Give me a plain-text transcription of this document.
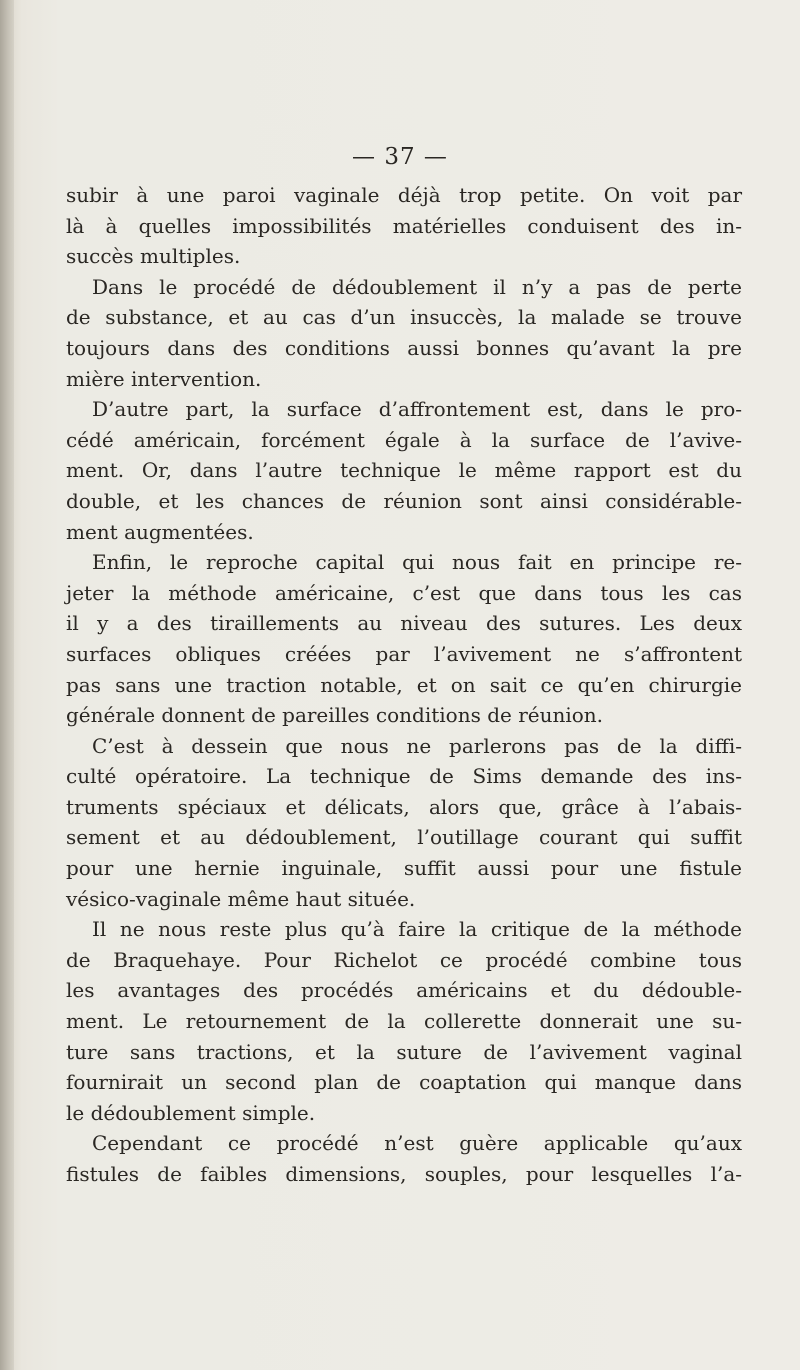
— 37 —
subir à une paroi vaginale déjà trop petite. On voit par
là à quelles impossibilités matérielles conduisent des in-
succès multiples.
Dans le procédé de dédoublement il n’y a pas de perte
de substance, et au cas d’un insuccès, la malade se trouve
toujours dans des conditions aussi bonnes qu’avant la pre
mière intervention.
D’autre part, la surface d’affrontement est, dans le pro-
cédé américain, forcément égale à la surface de l’avive-
ment. Or, dans l’autre technique le même rapport est du
double, et les chances de réunion sont ainsi considérable-
ment augmentées.
Enfin, le reproche capital qui nous fait en principe re-
jeter la méthode américaine, c’est que dans tous les cas
il y a des tiraillements au niveau des sutures. Les deux
surfaces obliques créées par l’avivement ne s’affrontent
pas sans une traction notable, et on sait ce qu’en chirurgie
générale donnent de pareilles conditions de réunion.
C’est à dessein que nous ne parlerons pas de la diffi-
culté opératoire. La technique de Sims demande des ins-
truments spéciaux et délicats, alors que, grâce à l’abais-
sement et au dédoublement, l’outillage courant qui suffit
pour une hernie inguinale, suffit aussi pour une fistule
vésico-vaginale même haut située.
Il ne nous reste plus qu’à faire la critique de la méthode
de Braquehaye. Pour Richelot ce procédé combine tous
les avantages des procédés américains et du dédouble-
ment. Le retournement de la collerette donnerait une su-
ture sans tractions, et la suture de l’avivement vaginal
fournirait un second plan de coaptation qui manque dans
le dédoublement simple.
Cependant ce procédé n’est guère applicable qu’aux
fistules de faibles dimensions, souples, pour lesquelles l’a-
